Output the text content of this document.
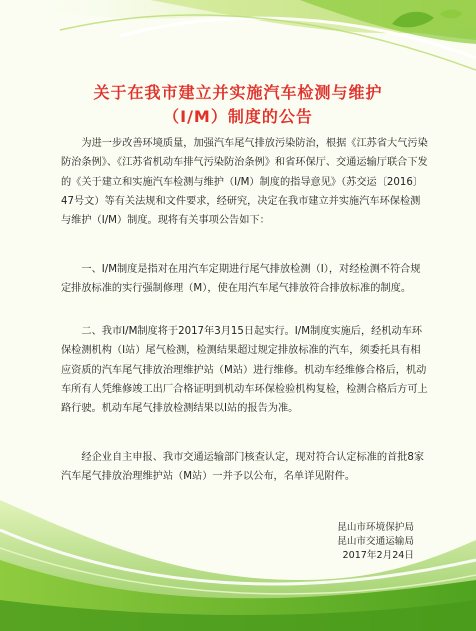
关于在我市建立并实施汽车检测与维护
（I/M）制度的公告

为进一步改善环境质量，加强汽车尾气排放污染防治，根据《江苏省大气污染防治条例》、《江苏省机动车排气污染防治条例》和省环保厅、交通运输厅联合下发的《关于建立和实施汽车检测与维护（I/M）制度的指导意见》（苏交运〔2016〕47号文）等有关法规和文件要求，经研究，决定在我市建立并实施汽车环保检测与维护（I/M）制度。现将有关事项公告如下：

一、I/M制度是指对在用汽车定期进行尾气排放检测（I），对经检测不符合规定排放标准的实行强制修理（M），使在用汽车尾气排放符合排放标准的制度。

二、我市I/M制度将于2017年3月15日起实行。I/M制度实施后，经机动车环保检测机构（I站）尾气检测，检测结果超过规定排放标准的汽车，须委托具有相应资质的汽车尾气排放治理维护站（M站）进行维修。机动车经维修合格后，机动车所有人凭维修竣工出厂合格证明到机动车环保检验机构复检，检测合格后方可上路行驶。机动车尾气排放检测结果以I站的报告为准。

经企业自主申报、我市交通运输部门核查认定，现对符合认定标准的首批8家汽车尾气排放治理维护站（M站）一并予以公布，名单详见附件。

昆山市环境保护局
昆山市交通运输局
2017年2月24日
